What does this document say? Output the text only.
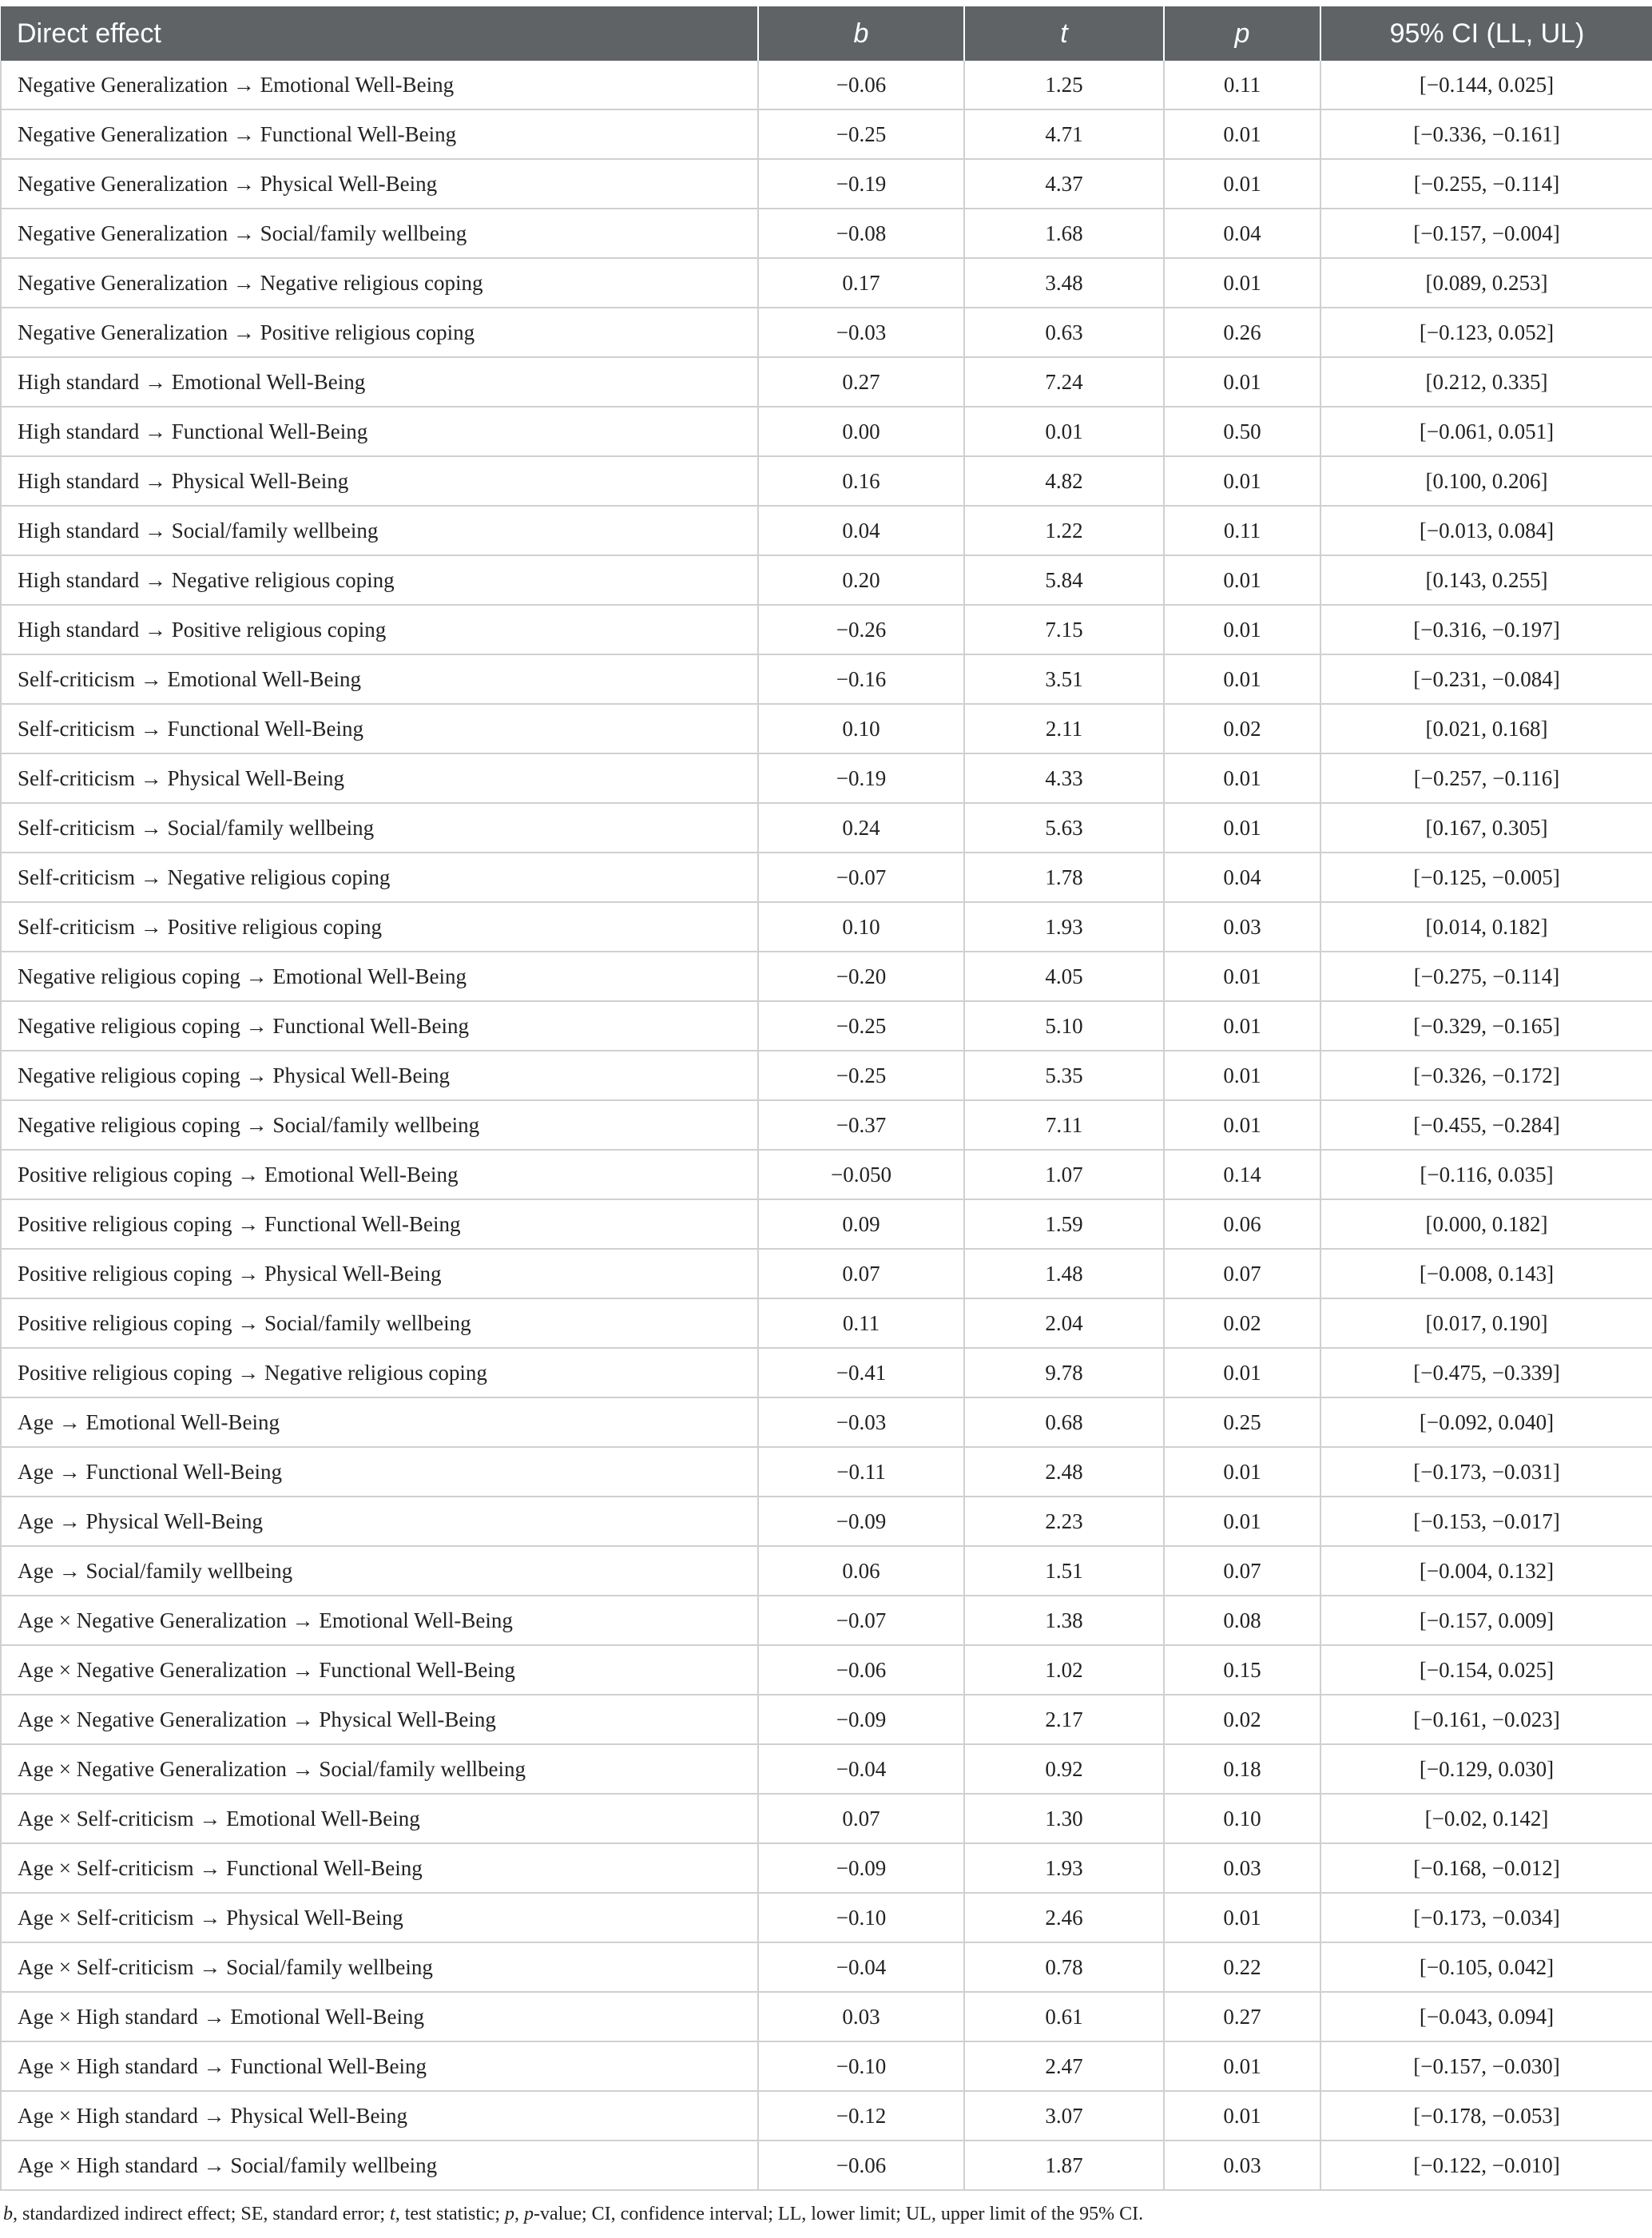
Direct effect	b	t	p	95% CI (LL, UL)
Negative Generalization → Emotional Well-Being	−0.06	1.25	0.11	[−0.144, 0.025]
Negative Generalization → Functional Well-Being	−0.25	4.71	0.01	[−0.336, −0.161]
Negative Generalization → Physical Well-Being	−0.19	4.37	0.01	[−0.255, −0.114]
Negative Generalization → Social/family wellbeing	−0.08	1.68	0.04	[−0.157, −0.004]
Negative Generalization → Negative religious coping	0.17	3.48	0.01	[0.089, 0.253]
Negative Generalization → Positive religious coping	−0.03	0.63	0.26	[−0.123, 0.052]
High standard → Emotional Well-Being	0.27	7.24	0.01	[0.212, 0.335]
High standard → Functional Well-Being	0.00	0.01	0.50	[−0.061, 0.051]
High standard → Physical Well-Being	0.16	4.82	0.01	[0.100, 0.206]
High standard → Social/family wellbeing	0.04	1.22	0.11	[−0.013, 0.084]
High standard → Negative religious coping	0.20	5.84	0.01	[0.143, 0.255]
High standard → Positive religious coping	−0.26	7.15	0.01	[−0.316, −0.197]
Self-criticism → Emotional Well-Being	−0.16	3.51	0.01	[−0.231, −0.084]
Self-criticism → Functional Well-Being	0.10	2.11	0.02	[0.021, 0.168]
Self-criticism → Physical Well-Being	−0.19	4.33	0.01	[−0.257, −0.116]
Self-criticism → Social/family wellbeing	0.24	5.63	0.01	[0.167, 0.305]
Self-criticism → Negative religious coping	−0.07	1.78	0.04	[−0.125, −0.005]
Self-criticism → Positive religious coping	0.10	1.93	0.03	[0.014, 0.182]
Negative religious coping → Emotional Well-Being	−0.20	4.05	0.01	[−0.275, −0.114]
Negative religious coping → Functional Well-Being	−0.25	5.10	0.01	[−0.329, −0.165]
Negative religious coping → Physical Well-Being	−0.25	5.35	0.01	[−0.326, −0.172]
Negative religious coping → Social/family wellbeing	−0.37	7.11	0.01	[−0.455, −0.284]
Positive religious coping → Emotional Well-Being	−0.050	1.07	0.14	[−0.116, 0.035]
Positive religious coping → Functional Well-Being	0.09	1.59	0.06	[0.000, 0.182]
Positive religious coping → Physical Well-Being	0.07	1.48	0.07	[−0.008, 0.143]
Positive religious coping → Social/family wellbeing	0.11	2.04	0.02	[0.017, 0.190]
Positive religious coping → Negative religious coping	−0.41	9.78	0.01	[−0.475, −0.339]
Age → Emotional Well-Being	−0.03	0.68	0.25	[−0.092, 0.040]
Age → Functional Well-Being	−0.11	2.48	0.01	[−0.173, −0.031]
Age → Physical Well-Being	−0.09	2.23	0.01	[−0.153, −0.017]
Age → Social/family wellbeing	0.06	1.51	0.07	[−0.004, 0.132]
Age × Negative Generalization → Emotional Well-Being	−0.07	1.38	0.08	[−0.157, 0.009]
Age × Negative Generalization → Functional Well-Being	−0.06	1.02	0.15	[−0.154, 0.025]
Age × Negative Generalization → Physical Well-Being	−0.09	2.17	0.02	[−0.161, −0.023]
Age × Negative Generalization → Social/family wellbeing	−0.04	0.92	0.18	[−0.129, 0.030]
Age × Self-criticism → Emotional Well-Being	0.07	1.30	0.10	[−0.02, 0.142]
Age × Self-criticism → Functional Well-Being	−0.09	1.93	0.03	[−0.168, −0.012]
Age × Self-criticism → Physical Well-Being	−0.10	2.46	0.01	[−0.173, −0.034]
Age × Self-criticism → Social/family wellbeing	−0.04	0.78	0.22	[−0.105, 0.042]
Age × High standard → Emotional Well-Being	0.03	0.61	0.27	[−0.043, 0.094]
Age × High standard → Functional Well-Being	−0.10	2.47	0.01	[−0.157, −0.030]
Age × High standard → Physical Well-Being	−0.12	3.07	0.01	[−0.178, −0.053]
Age × High standard → Social/family wellbeing	−0.06	1.87	0.03	[−0.122, −0.010]
b, standardized indirect effect; SE, standard error; t, test statistic; p, p-value; CI, confidence interval; LL, lower limit; UL, upper limit of the 95% CI.
